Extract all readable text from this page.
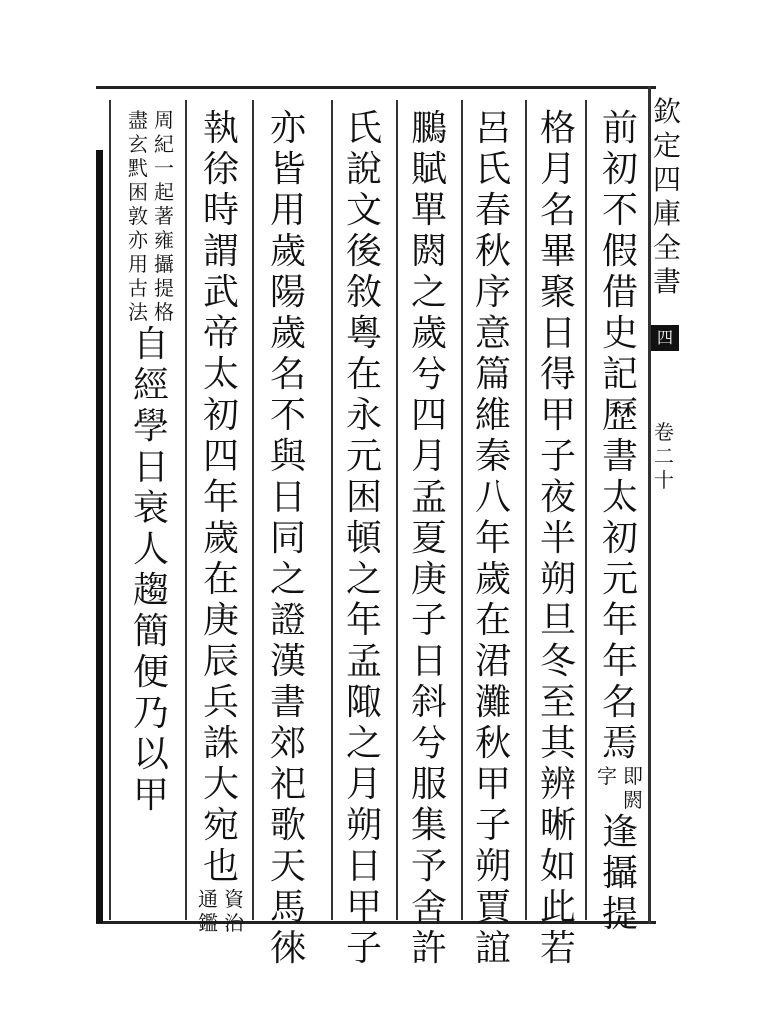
欽
定
四
庫
全
書
四
卷
二
十
前
初
不
假
借
史
記
歷
書
太
初
元
年
年
名
焉
即
閼
字
逢
攝
提
格
月
名
畢
聚
日
得
甲
子
夜
半
朔
旦
冬
至
其
辨
晰
如
此
若
呂
氏
春
秋
序
意
篇
維
秦
八
年
歲
在
涒
灘
秋
甲
子
朔
賈
誼
鵩
賦
單
閼
之
歲
兮
四
月
孟
夏
庚
子
日
斜
兮
服
集
予
舍
許
氏
說
文
後
敘
粵
在
永
元
困
頓
之
年
孟
陬
之
月
朔
日
甲
子
亦
皆
用
歲
陽
歲
名
不
與
日
同
之
證
漢
書
郊
祀
歌
天
馬
徠
執
徐
時
謂
武
帝
太
初
四
年
歲
在
庚
辰
兵
誅
大
宛
也
資
治
通
鑑
周
紀
一
起
著
雍
攝
提
格
盡
玄
黓
困
敦
亦
用
古
法
自
經
學
日
衰
人
趨
簡
便
乃
以
甲
